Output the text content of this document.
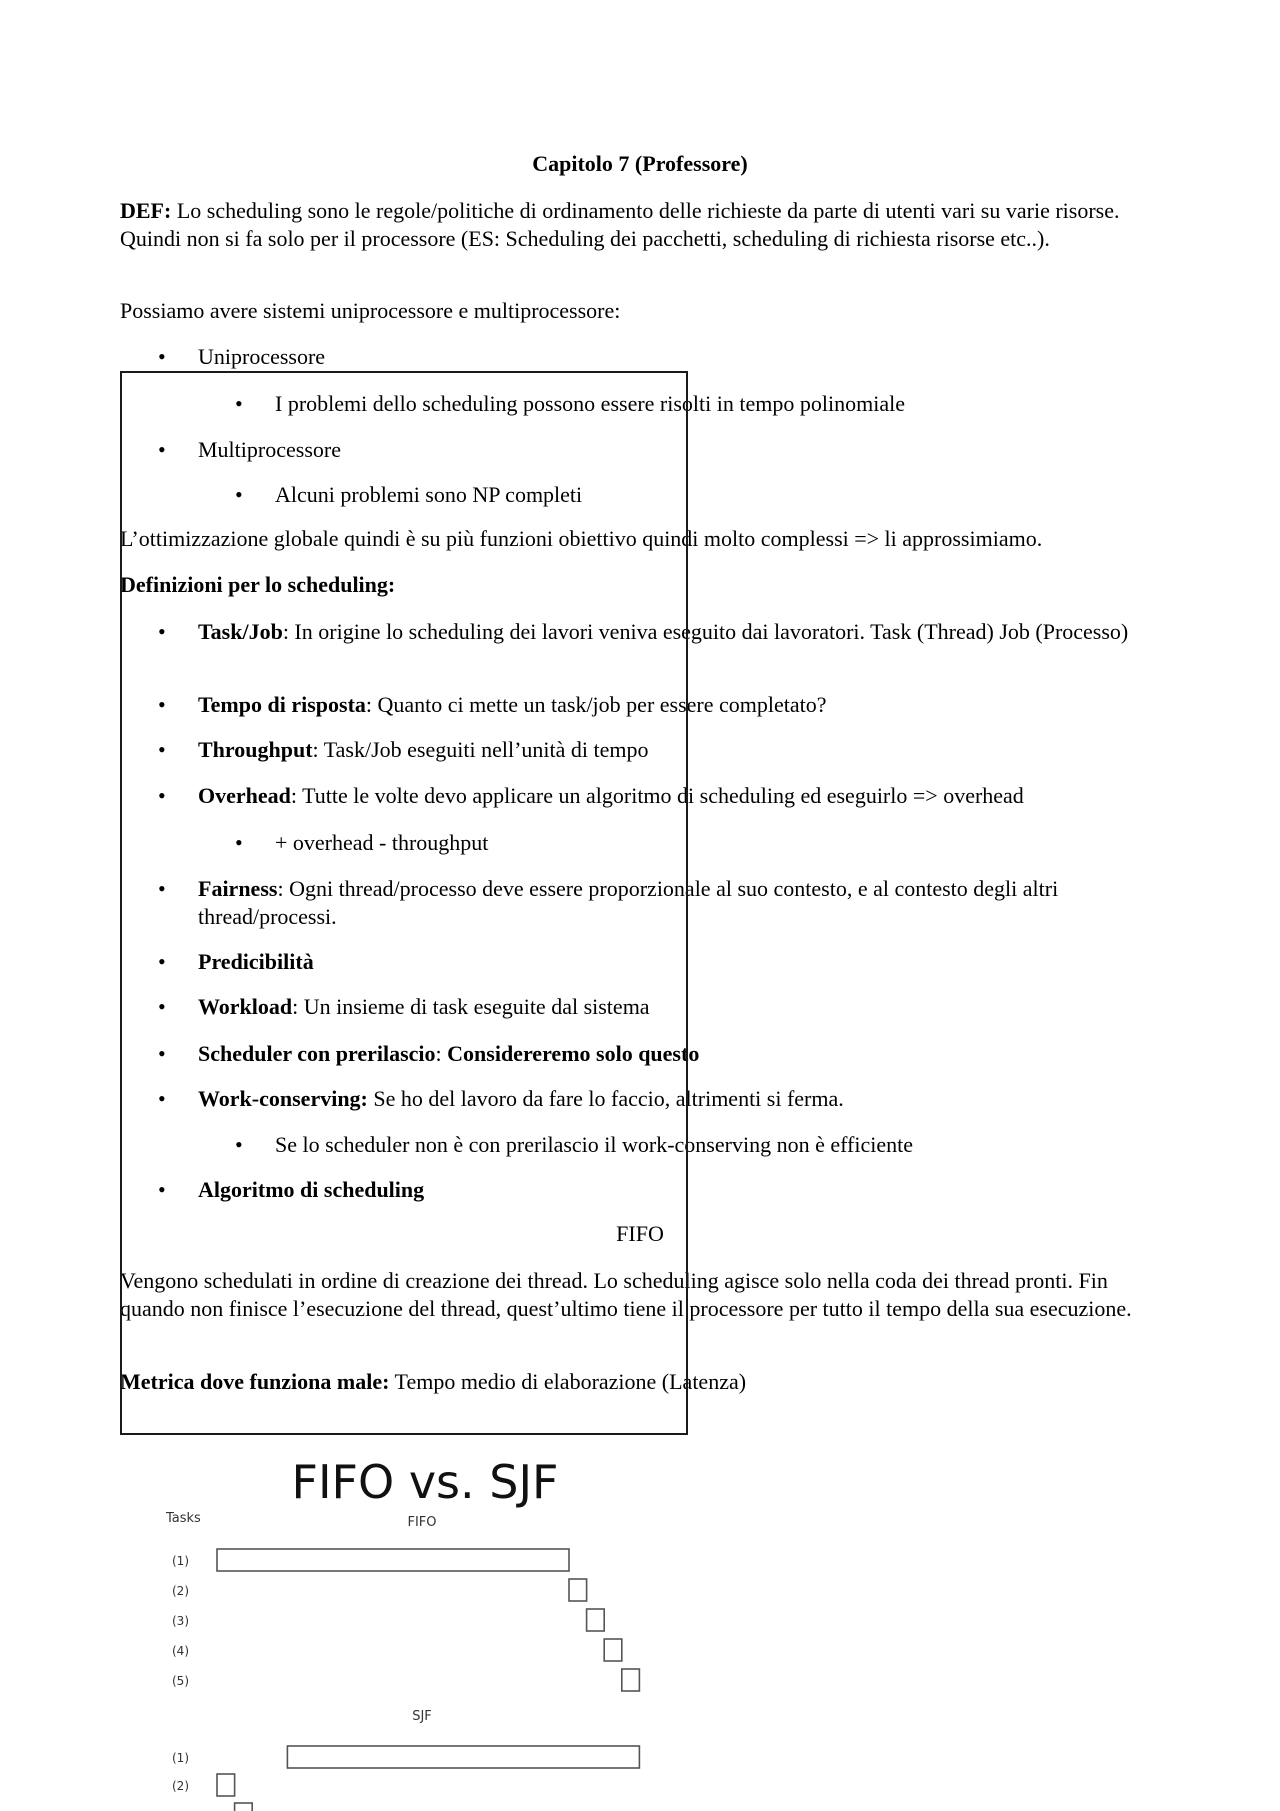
Capitolo 7 (Professore)
DEF: Lo scheduling sono le regole/politiche di ordinamento delle richieste da parte di utenti vari su varie risorse. Quindi non si fa solo per il processore (ES: Scheduling dei pacchetti, scheduling di richiesta risorse etc..).
Possiamo avere sistemi uniprocessore e multiprocessore:
• Uniprocessore
• I problemi dello scheduling possono essere risolti in tempo polinomiale
• Multiprocessore
• Alcuni problemi sono NP completi
L’ottimizzazione globale quindi è su più funzioni obiettivo quindi molto complessi => li approssimiamo.
Definizioni per lo scheduling:
• Task/Job: In origine lo scheduling dei lavori veniva eseguito dai lavoratori. Task (Thread) Job (Processo)
• Tempo di risposta: Quanto ci mette un task/job per essere completato?
• Throughput: Task/Job eseguiti nell’unità di tempo
• Overhead: Tutte le volte devo applicare un algoritmo di scheduling ed eseguirlo => overhead
• + overhead - throughput
• Fairness: Ogni thread/processo deve essere proporzionale al suo contesto, e al contesto degli altri thread/processi.
• Predicibilità
• Workload: Un insieme di task eseguite dal sistema
• Scheduler con prerilascio: Considereremo solo questo
• Work-conserving: Se ho del lavoro da fare lo faccio, altrimenti si ferma.
• Se lo scheduler non è con prerilascio il work-conserving non è efficiente
• Algoritmo di scheduling
FIFO
Vengono schedulati in ordine di creazione dei thread. Lo scheduling agisce solo nella coda dei thread pronti. Fin quando non finisce l’esecuzione del thread, quest’ultimo tiene il processore per tutto il tempo della sua esecuzione.
Metrica dove funziona male: Tempo medio di elaborazione (Latenza)
FIFO vs. SJF
Tasks	FIFO
SJF
(1)
(2)
(3)
(4)
(5)
(1)
(2)
